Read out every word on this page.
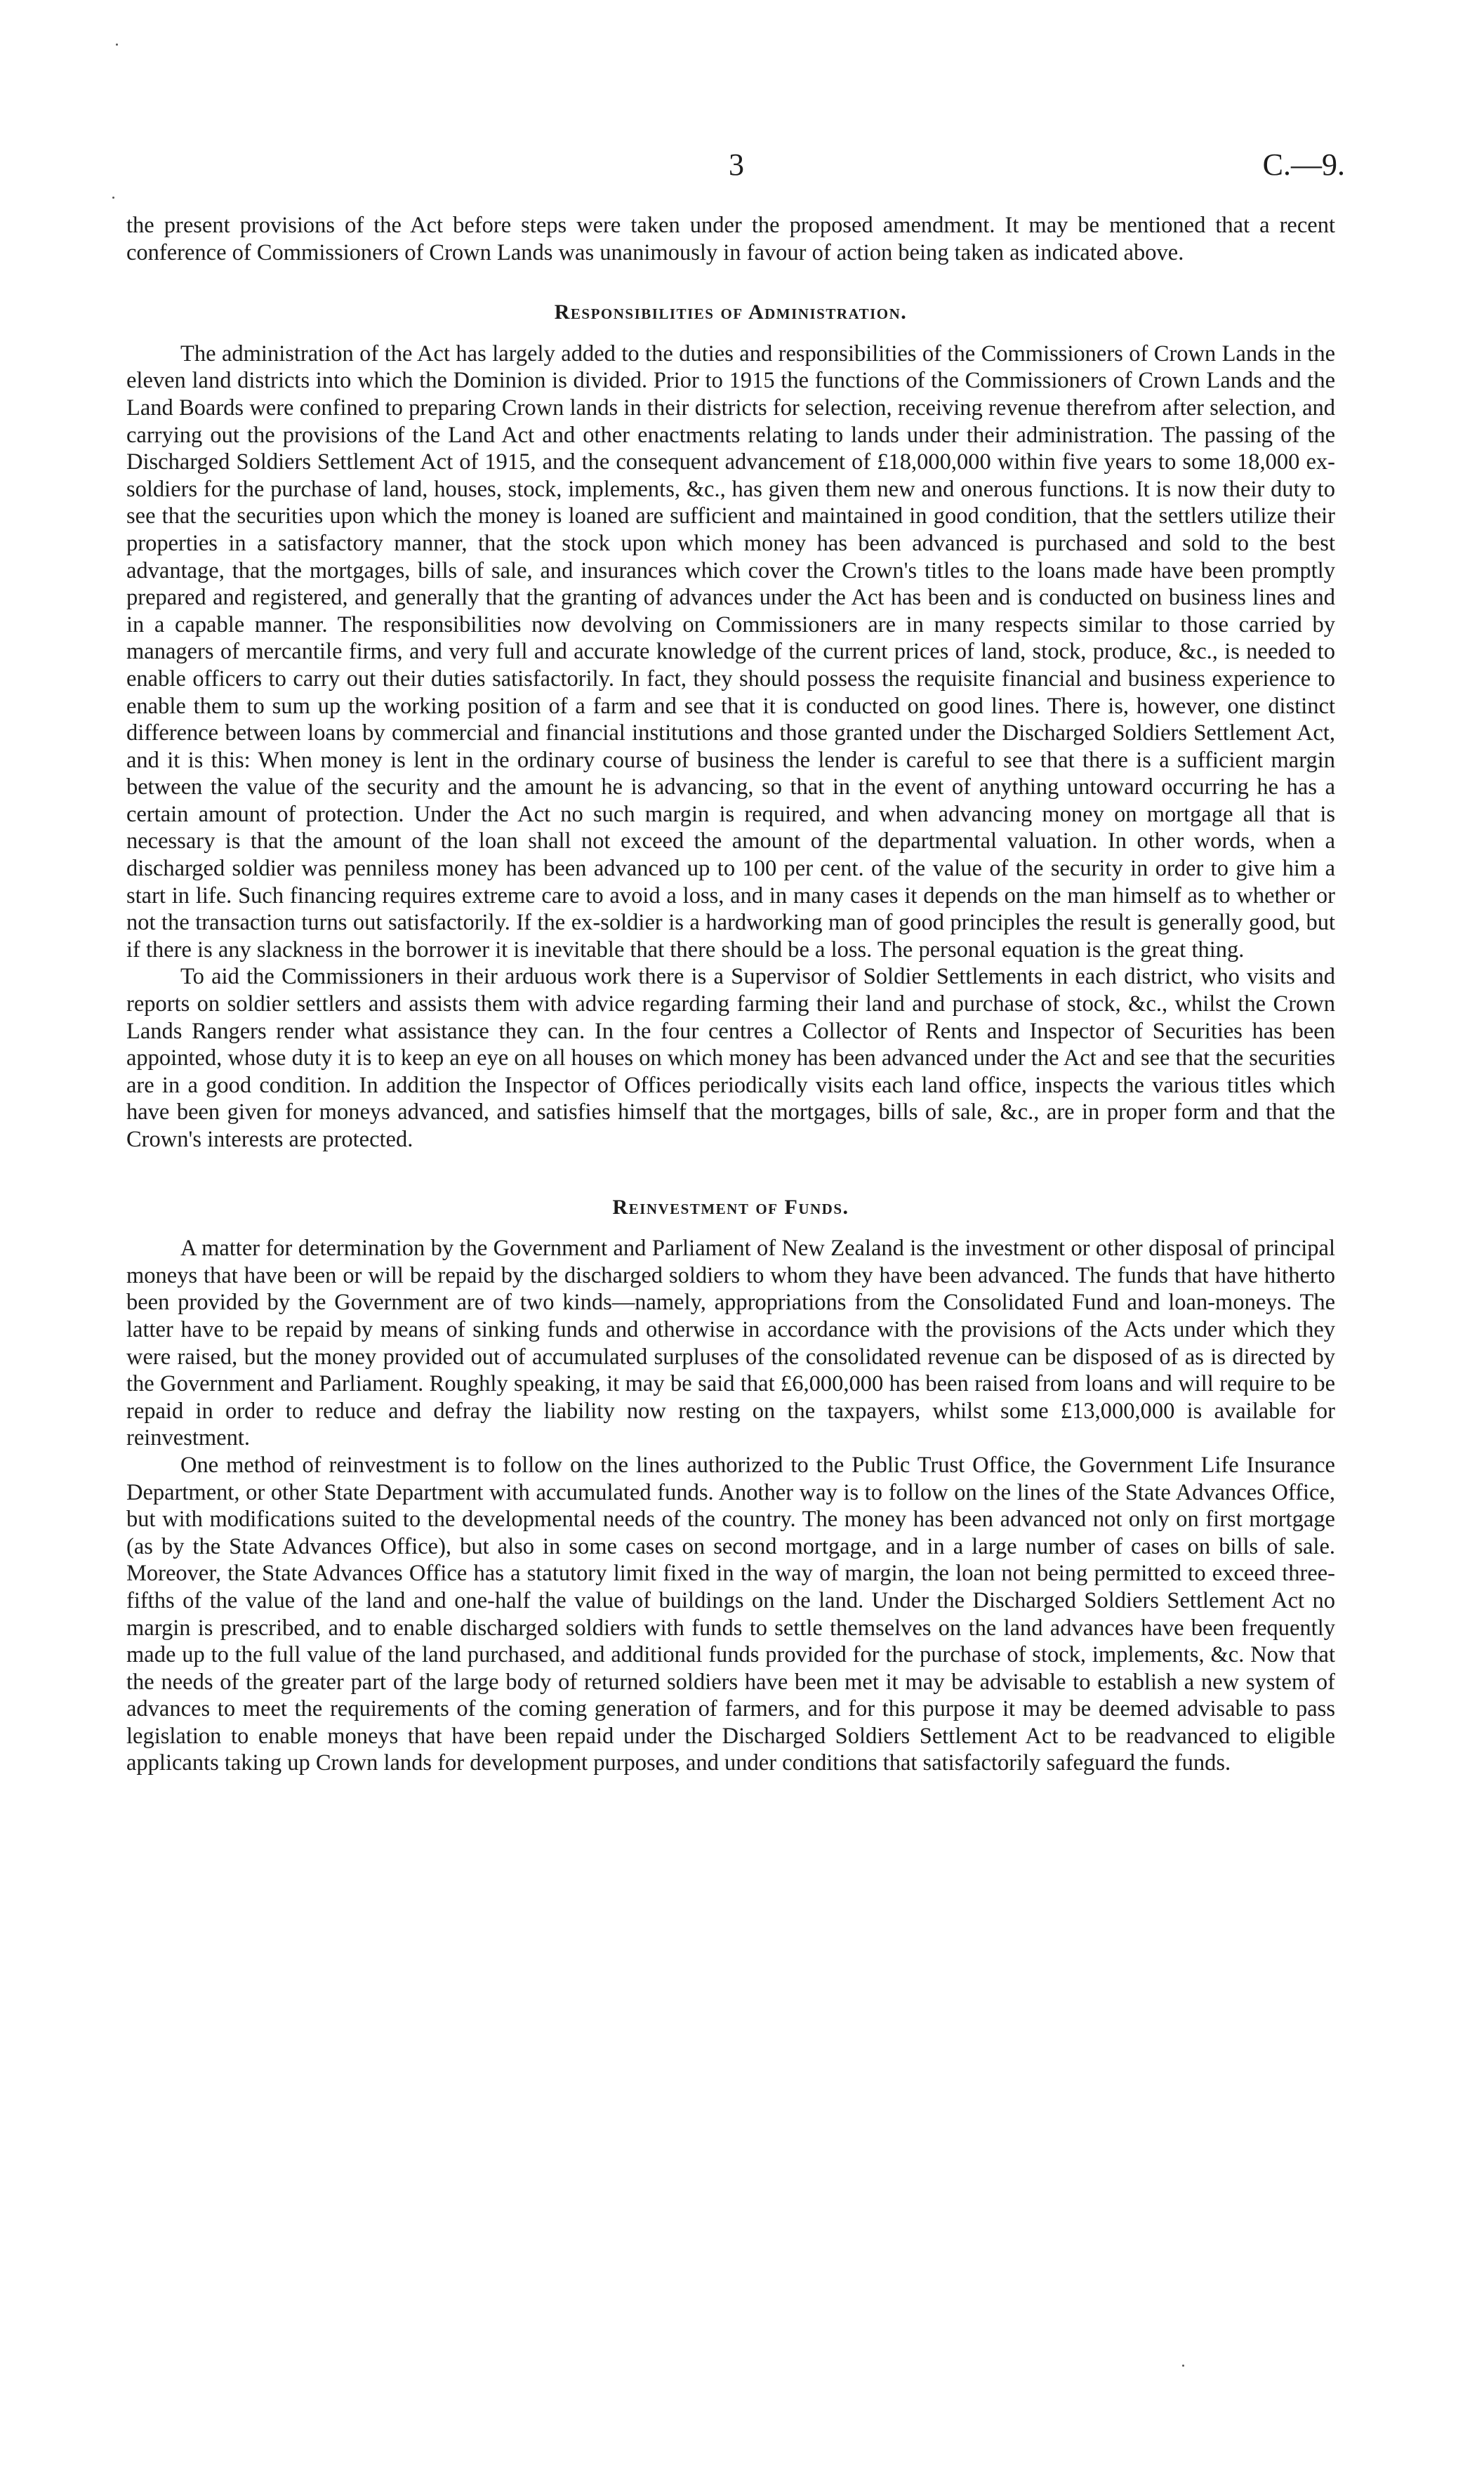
3	C.—9.

the present provisions of the Act before steps were taken under the proposed amendment. It may be mentioned that a recent conference of Commissioners of Crown Lands was unanimously in favour of action being taken as indicated above.

Responsibilities of Administration.

The administration of the Act has largely added to the duties and responsibilities of the Commissioners of Crown Lands in the eleven land districts into which the Dominion is divided. Prior to 1915 the functions of the Commissioners of Crown Lands and the Land Boards were confined to preparing Crown lands in their districts for selection, receiving revenue therefrom after selection, and carrying out the provisions of the Land Act and other enactments relating to lands under their administration. The passing of the Discharged Soldiers Settlement Act of 1915, and the consequent advancement of £18,000,000 within five years to some 18,000 ex-soldiers for the purchase of land, houses, stock, implements, &c., has given them new and onerous functions. It is now their duty to see that the securities upon which the money is loaned are sufficient and maintained in good condition, that the settlers utilize their properties in a satisfactory manner, that the stock upon which money has been advanced is purchased and sold to the best advantage, that the mortgages, bills of sale, and insurances which cover the Crown's titles to the loans made have been promptly prepared and registered, and generally that the granting of advances under the Act has been and is conducted on business lines and in a capable manner. The responsibilities now devolving on Commissioners are in many respects similar to those carried by managers of mercantile firms, and very full and accurate knowledge of the current prices of land, stock, produce, &c., is needed to enable officers to carry out their duties satisfactorily. In fact, they should possess the requisite financial and business experience to enable them to sum up the working position of a farm and see that it is conducted on good lines. There is, however, one distinct difference between loans by commercial and financial institutions and those granted under the Discharged Soldiers Settlement Act, and it is this: When money is lent in the ordinary course of business the lender is careful to see that there is a sufficient margin between the value of the security and the amount he is advancing, so that in the event of anything untoward occurring he has a certain amount of protection. Under the Act no such margin is required, and when advancing money on mortgage all that is necessary is that the amount of the loan shall not exceed the amount of the departmental valuation. In other words, when a discharged soldier was penniless money has been advanced up to 100 per cent. of the value of the security in order to give him a start in life. Such financing requires extreme care to avoid a loss, and in many cases it depends on the man himself as to whether or not the transaction turns out satisfactorily. If the ex-soldier is a hardworking man of good principles the result is generally good, but if there is any slackness in the borrower it is inevitable that there should be a loss. The personal equation is the great thing.

To aid the Commissioners in their arduous work there is a Supervisor of Soldier Settlements in each district, who visits and reports on soldier settlers and assists them with advice regarding farming their land and purchase of stock, &c., whilst the Crown Lands Rangers render what assistance they can. In the four centres a Collector of Rents and Inspector of Securities has been appointed, whose duty it is to keep an eye on all houses on which money has been advanced under the Act and see that the securities are in a good condition. In addition the Inspector of Offices periodically visits each land office, inspects the various titles which have been given for moneys advanced, and satisfies himself that the mortgages, bills of sale, &c., are in proper form and that the Crown's interests are protected.

Reinvestment of Funds.

A matter for determination by the Government and Parliament of New Zealand is the investment or other disposal of principal moneys that have been or will be repaid by the discharged soldiers to whom they have been advanced. The funds that have hitherto been provided by the Government are of two kinds—namely, appropriations from the Consolidated Fund and loan-moneys. The latter have to be repaid by means of sinking funds and otherwise in accordance with the provisions of the Acts under which they were raised, but the money provided out of accumulated surpluses of the consolidated revenue can be disposed of as is directed by the Government and Parliament. Roughly speaking, it may be said that £6,000,000 has been raised from loans and will require to be repaid in order to reduce and defray the liability now resting on the taxpayers, whilst some £13,000,000 is available for reinvestment.

One method of reinvestment is to follow on the lines authorized to the Public Trust Office, the Government Life Insurance Department, or other State Department with accumulated funds. Another way is to follow on the lines of the State Advances Office, but with modifications suited to the developmental needs of the country. The money has been advanced not only on first mortgage (as by the State Advances Office), but also in some cases on second mortgage, and in a large number of cases on bills of sale. Moreover, the State Advances Office has a statutory limit fixed in the way of margin, the loan not being permitted to exceed three-fifths of the value of the land and one-half the value of buildings on the land. Under the Discharged Soldiers Settlement Act no margin is prescribed, and to enable discharged soldiers with funds to settle themselves on the land advances have been frequently made up to the full value of the land purchased, and additional funds provided for the purchase of stock, implements, &c. Now that the needs of the greater part of the large body of returned soldiers have been met it may be advisable to establish a new system of advances to meet the requirements of the coming generation of farmers, and for this purpose it may be deemed advisable to pass legislation to enable moneys that have been repaid under the Discharged Soldiers Settlement Act to be readvanced to eligible applicants taking up Crown lands for development purposes, and under conditions that satisfactorily safeguard the funds.
